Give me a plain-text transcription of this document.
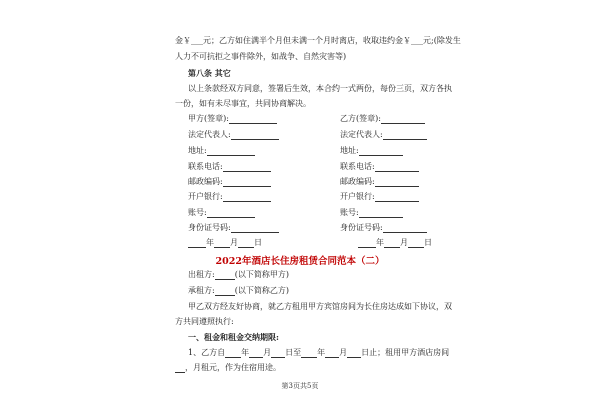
金￥___元；乙方如住满半个月但未满一个月时离店，收取违约金￥___元;(除发生
人力不可抗拒之事件除外，如战争、自然灾害等)
第八条 其它
以上条款经双方同意，签署后生效，本合约一式两份，每份三页，双方各执
一份，如有未尽事宜，共同协商解决。
甲方(签章):
法定代表人:
地址:
联系电话:
邮政编码:
开户银行:
账号:
身份证号码:
年 月 日
乙方(签章):
法定代表人:
地址:
联系电话:
邮政编码:
开户银行:
账号:
身份证号码:
年 月 日
2022年酒店长住房租赁合同范本（二）
出租方:	(以下简称甲方)
承租方:	(以下简称乙方)
甲乙双方经友好协商，就乙方租用甲方宾馆房间为长住房达成如下协议，双
方共同遵照执行:
一、租金和租金交纳期限:
1、乙方自 年 月 日至 年 月 日止；租用甲方酒店房间
，月租元，作为住宿用途。
第3页共5页
